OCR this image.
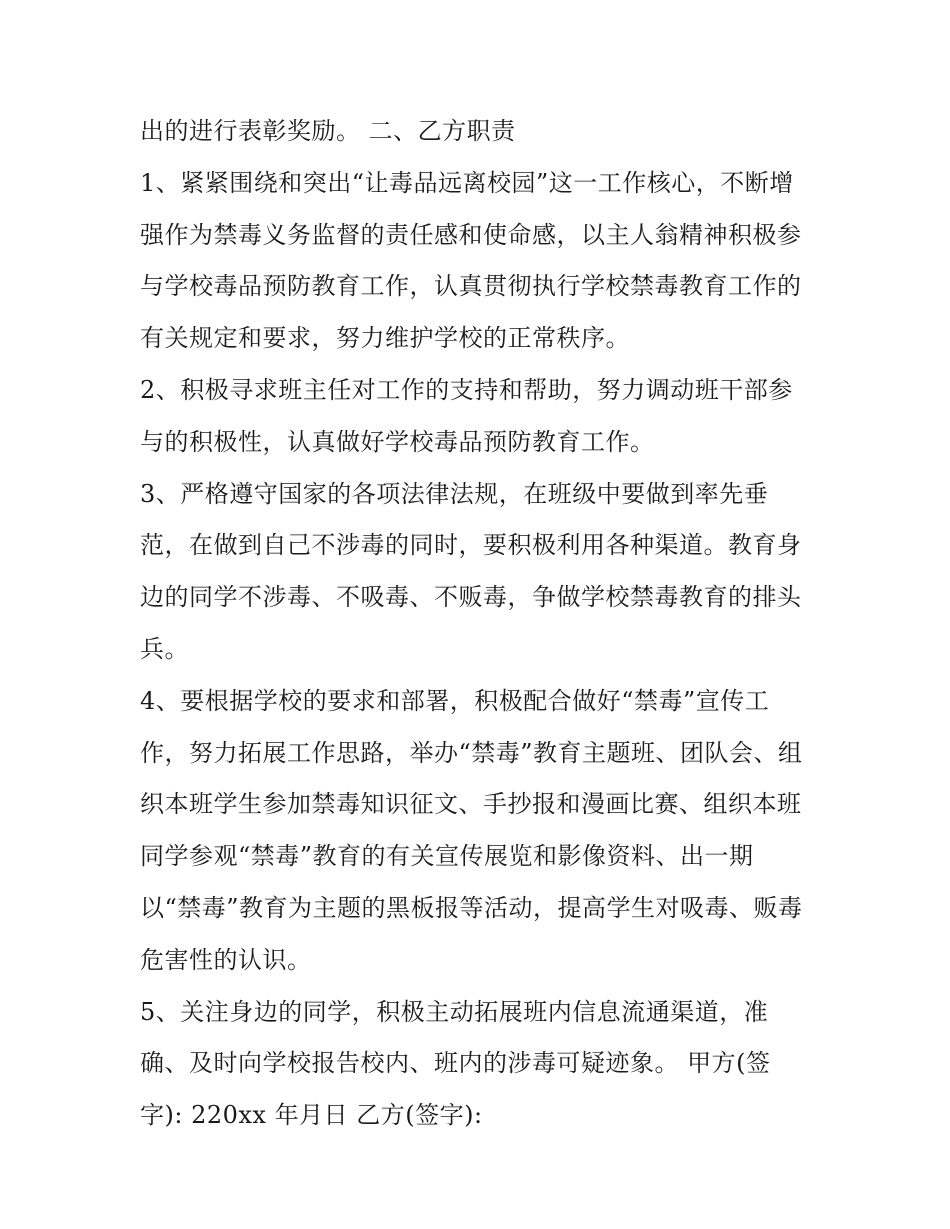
出的进行表彰奖励。 二、乙方职责
1、紧紧围绕和突出“让毒品远离校园”这一工作核心，不断增
强作为禁毒义务监督的责任感和使命感，以主人翁精神积极参
与学校毒品预防教育工作，认真贯彻执行学校禁毒教育工作的
有关规定和要求，努力维护学校的正常秩序。
2、积极寻求班主任对工作的支持和帮助，努力调动班干部参
与的积极性，认真做好学校毒品预防教育工作。
3、严格遵守国家的各项法律法规，在班级中要做到率先垂
范，在做到自己不涉毒的同时，要积极利用各种渠道。教育身
边的同学不涉毒、不吸毒、不贩毒，争做学校禁毒教育的排头
兵。
4、要根据学校的要求和部署，积极配合做好“禁毒”宣传工
作，努力拓展工作思路，举办“禁毒”教育主题班、团队会、组
织本班学生参加禁毒知识征文、手抄报和漫画比赛、组织本班
同学参观“禁毒”教育的有关宣传展览和影像资料、出一期
以“禁毒”教育为主题的黑板报等活动，提高学生对吸毒、贩毒
危害性的认识。
5、关注身边的同学，积极主动拓展班内信息流通渠道，准
确、及时向学校报告校内、班内的涉毒可疑迹象。 甲方(签
字): 220xx 年月日 乙方(签字):
